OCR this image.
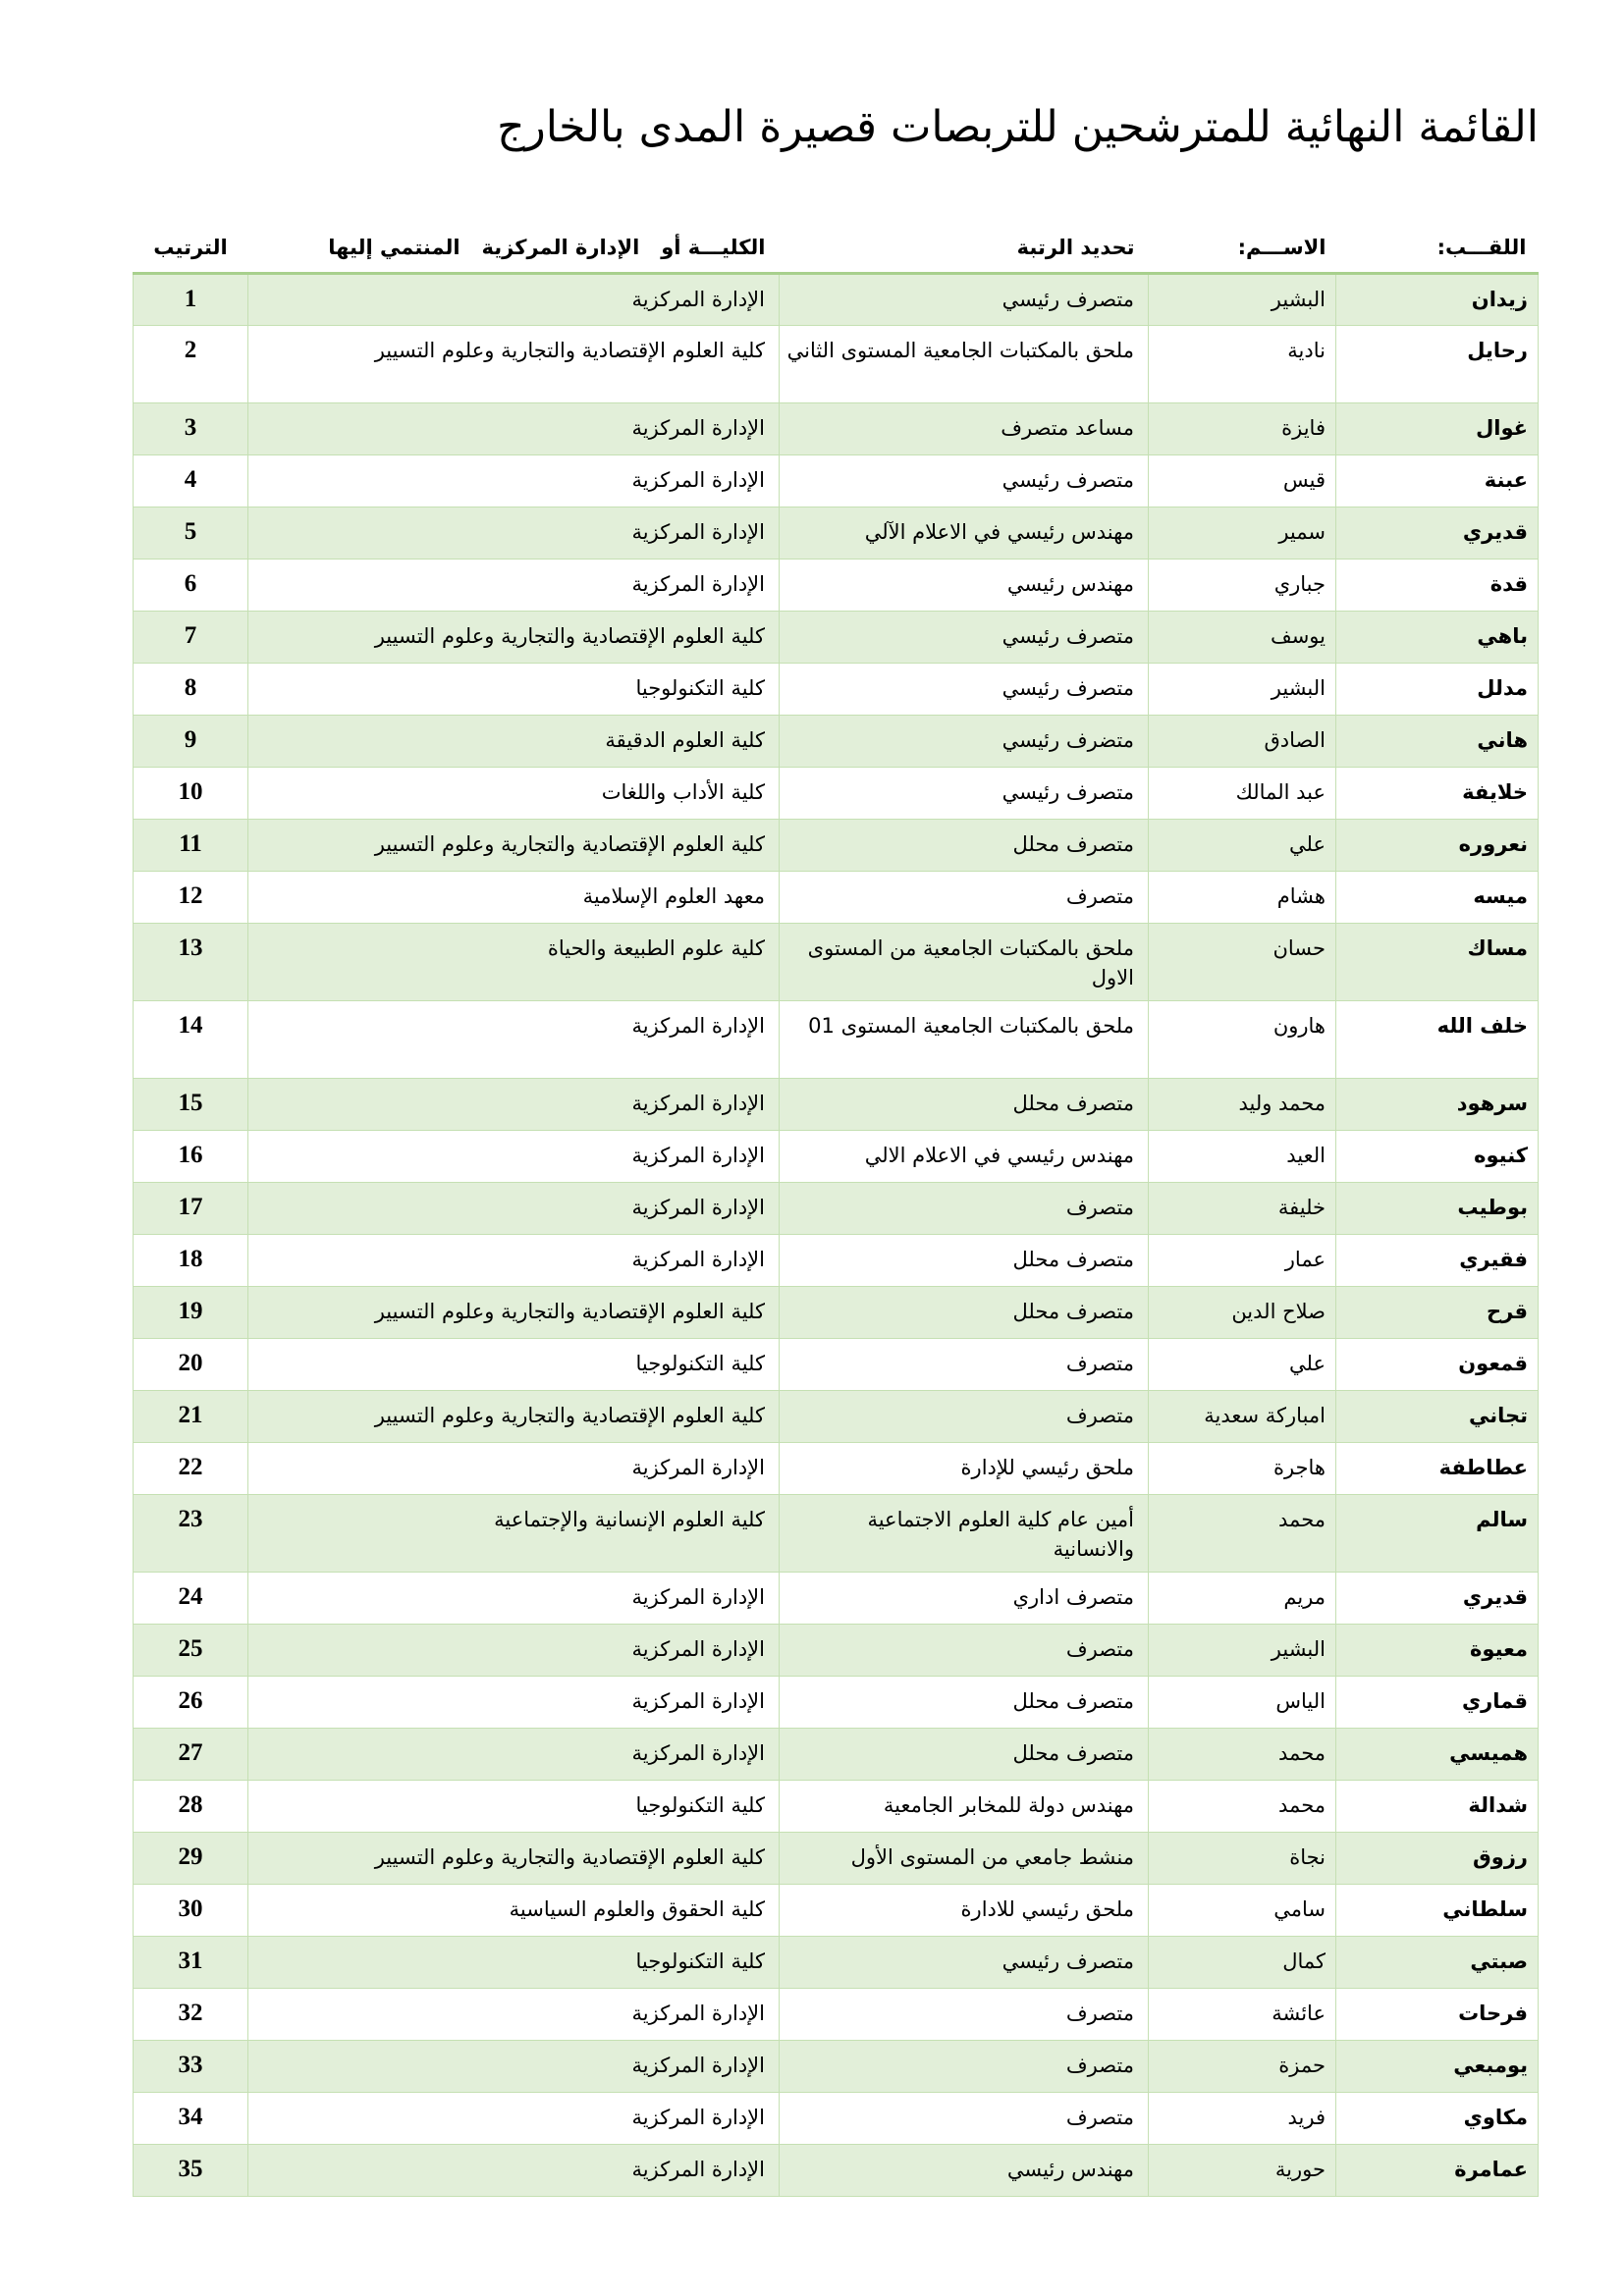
القائمة النهائية للمترشحين للتربصات قصيرة المدى بالخارج
اللقـــب:	الاســـم:	تحديد الرتبة	الكليـــة أو   الإدارة المركزية   المنتمي إليها	الترتيب
زيدان	البشير	متصرف رئيسي	الإدارة المركزية	1
رحايل	نادية	ملحق بالمكتبات الجامعية المستوى الثاني	كلية العلوم الإقتصادية والتجارية وعلوم التسيير	2
غوال	فايزة	مساعد متصرف	الإدارة المركزية	3
عبنة	قيس	متصرف رئيسي	الإدارة المركزية	4
قديري	سمير	مهندس رئيسي في الاعلام الآلي	الإدارة المركزية	5
قدة	جباري	مهندس رئيسي	الإدارة المركزية	6
باهي	يوسف	متصرف رئيسي	كلية العلوم الإقتصادية والتجارية وعلوم التسيير	7
مدلل	البشير	متصرف رئيسي	كلية التكنولوجيا	8
هاني	الصادق	متضرف رئيسي	كلية العلوم الدقيقة	9
خلايفة	عبد المالك	متصرف رئيسي	كلية الأداب واللغات	10
نعروره	علي	متصرف محلل	كلية العلوم الإقتصادية والتجارية وعلوم التسيير	11
ميسه	هشام	متصرف	معهد العلوم الإسلامية	12
مساك	حسان	ملحق بالمكتبات الجامعية من المستوى الاول	كلية علوم الطبيعة والحياة	13
خلف الله	هارون	ملحق بالمكتبات الجامعية المستوى 01	الإدارة المركزية	14
سرهود	محمد وليد	متصرف محلل	الإدارة المركزية	15
كنيوه	العيد	مهندس رئيسي في الاعلام الالي	الإدارة المركزية	16
بوطيب	خليفة	متصرف	الإدارة المركزية	17
فقيري	عمار	متصرف محلل	الإدارة المركزية	18
قرح	صلاح الدين	متصرف محلل	كلية العلوم الإقتصادية والتجارية وعلوم التسيير	19
قمعون	علي	متصرف	كلية التكنولوجيا	20
تجاني	امباركة سعدية	متصرف	كلية العلوم الإقتصادية والتجارية وعلوم التسيير	21
عطاطفة	هاجرة	ملحق رئيسي للإدارة	الإدارة المركزية	22
سالم	محمد	أمين عام كلية العلوم الاجتماعية والانسانية	كلية العلوم الإنسانية والإجتماعية	23
قديري	مريم	متصرف اداري	الإدارة المركزية	24
معيوة	البشير	متصرف	الإدارة المركزية	25
قماري	الياس	متصرف محلل	الإدارة المركزية	26
هميسي	محمد	متصرف محلل	الإدارة المركزية	27
شدالة	محمد	مهندس دولة للمخابر الجامعية	كلية التكنولوجيا	28
رزوق	نجاة	منشط جامعي من المستوى الأول	كلية العلوم الإقتصادية والتجارية وعلوم التسيير	29
سلطاني	سامي	ملحق رئيسي للادارة	كلية الحقوق والعلوم السياسية	30
صبتي	كمال	متصرف رئيسي	كلية التكنولوجيا	31
فرحات	عائشة	متصرف	الإدارة المركزية	32
يومبعي	حمزة	متصرف	الإدارة المركزية	33
مكاوي	فريد	متصرف	الإدارة المركزية	34
عمامرة	حورية	مهندس رئيسي	الإدارة المركزية	35
